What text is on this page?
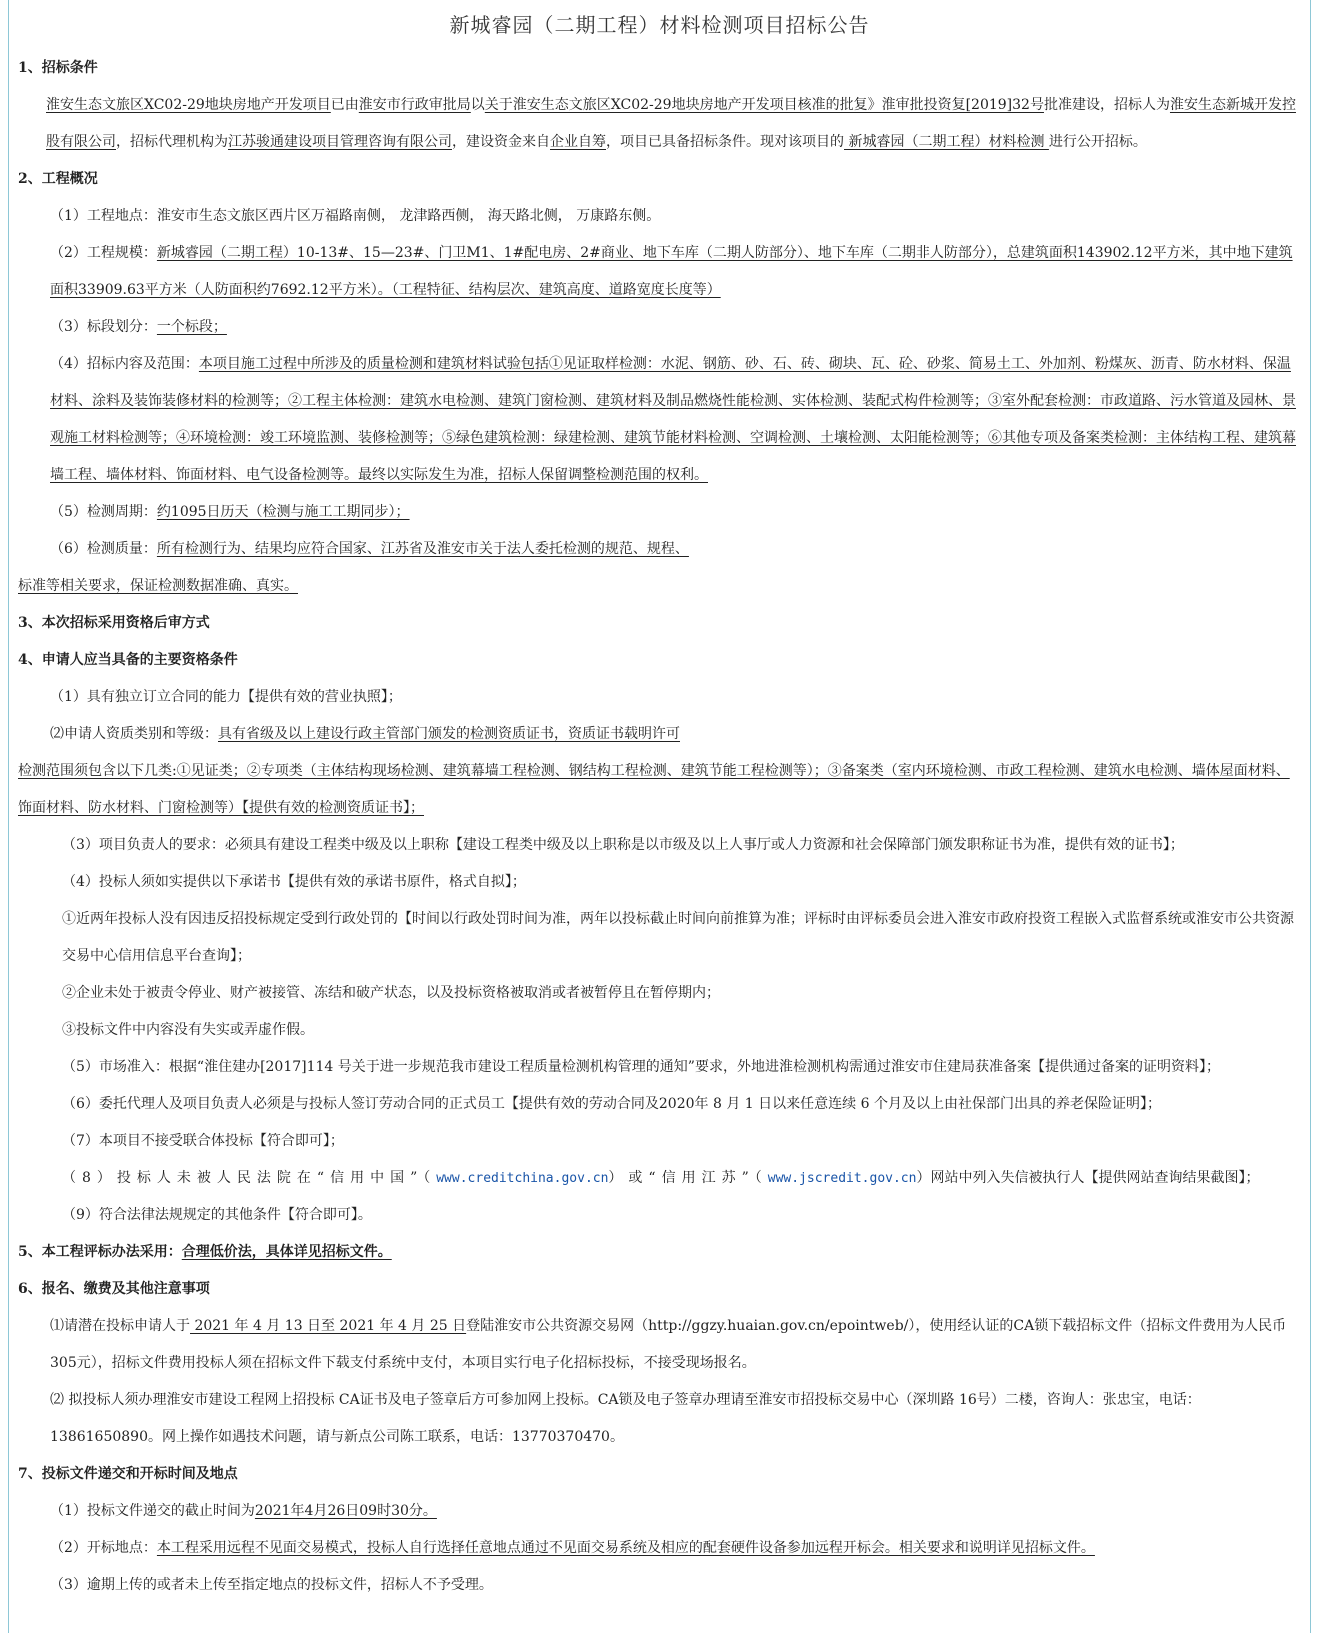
新城睿园（二期工程）材料检测项目招标公告

1、招标条件

淮安生态文旅区XC02-29地块房地产开发项目已由淮安市行政审批局以关于淮安生态文旅区XC02-29地块房地产开发项目核准的批复》淮审批投资复[2019]32号批准建设，招标人为淮安生态新城开发控股有限公司，招标代理机构为江苏骏通建设项目管理咨询有限公司，建设资金来自企业自筹，项目已具备招标条件。现对该项目的 新城睿园（二期工程）材料检测 进行公开招标。

2、工程概况

（1）工程地点：淮安市生态文旅区西片区万福路南侧， 龙津路西侧， 海天路北侧， 万康路东侧。

（2）工程规模：新城睿园（二期工程）10-13#、15—23#、门卫M1、1#配电房、2#商业、地下车库（二期人防部分）、地下车库（二期非人防部分），总建筑面积143902.12平方米，其中地下建筑面积33909.63平方米（人防面积约7692.12平方米）。（工程特征、结构层次、建筑高度、道路宽度长度等）

（3）标段划分：一个标段；

（4）招标内容及范围：本项目施工过程中所涉及的质量检测和建筑材料试验包括①见证取样检测：水泥、钢筋、砂、石、砖、砌块、瓦、砼、砂浆、简易土工、外加剂、粉煤灰、沥青、防水材料、保温材料、涂料及装饰装修材料的检测等；②工程主体检测：建筑水电检测、建筑门窗检测、建筑材料及制品燃烧性能检测、实体检测、装配式构件检测等；③室外配套检测：市政道路、污水管道及园林、景观施工材料检测等；④环境检测：竣工环境监测、装修检测等；⑤绿色建筑检测：绿建检测、建筑节能材料检测、空调检测、土壤检测、太阳能检测等；⑥其他专项及备案类检测：主体结构工程、建筑幕墙工程、墙体材料、饰面材料、电气设备检测等。最终以实际发生为准，招标人保留调整检测范围的权利。

（5）检测周期：约1095日历天（检测与施工工期同步）；

（6）检测质量：所有检测行为、结果均应符合国家、江苏省及淮安市关于法人委托检测的规范、规程、

标准等相关要求，保证检测数据准确、真实。

3、本次招标采用资格后审方式

4、申请人应当具备的主要资格条件

（1）具有独立订立合同的能力【提供有效的营业执照】；

⑵申请人资质类别和等级：具有省级及以上建设行政主管部门颁发的检测资质证书，资质证书载明许可

检测范围须包含以下几类:①见证类；②专项类（主体结构现场检测、建筑幕墙工程检测、钢结构工程检测、建筑节能工程检测等）；③备案类（室内环境检测、市政工程检测、建筑水电检测、墙体屋面材料、饰面材料、防水材料、门窗检测等）【提供有效的检测资质证书】；

（3）项目负责人的要求：必须具有建设工程类中级及以上职称【建设工程类中级及以上职称是以市级及以上人事厅或人力资源和社会保障部门颁发职称证书为准，提供有效的证书】；

（4）投标人须如实提供以下承诺书【提供有效的承诺书原件，格式自拟】；

①近两年投标人没有因违反招投标规定受到行政处罚的【时间以行政处罚时间为准，两年以投标截止时间向前推算为准；评标时由评标委员会进入淮安市政府投资工程嵌入式监督系统或淮安市公共资源交易中心信用信息平台查询】；

②企业未处于被责令停业、财产被接管、冻结和破产状态，以及投标资格被取消或者被暂停且在暂停期内；

③投标文件中内容没有失实或弄虚作假。

（5）市场准入：根据“淮住建办[2017]114 号关于进一步规范我市建设工程质量检测机构管理的通知”要求，外地进淮检测机构需通过淮安市住建局获准备案【提供通过备案的证明资料】；

（6）委托代理人及项目负责人必须是与投标人签订劳动合同的正式员工【提供有效的劳动合同及2020年 8 月 1 日以来任意连续 6 个月及以上由社保部门出具的养老保险证明】；

（7）本项目不接受联合体投标【符合即可】；

（8）投标人未被人民法院在“信用中国”（www.creditchina.gov.cn）或“信用江苏”（www.jscredit.gov.cn）网站中列入失信被执行人【提供网站查询结果截图】；

（9）符合法律法规规定的其他条件【符合即可】。

5、本工程评标办法采用：合理低价法，具体详见招标文件。

6、报名、缴费及其他注意事项

⑴请潜在投标申请人于 2021 年 4 月 13 日至 2021 年 4 月 25 日登陆淮安市公共资源交易网（http://ggzy.huaian.gov.cn/epointweb/），使用经认证的CA锁下载招标文件（招标文件费用为人民币305元），招标文件费用投标人须在招标文件下载支付系统中支付，本项目实行电子化招标投标，不接受现场报名。

⑵ 拟投标人须办理淮安市建设工程网上招投标 CA证书及电子签章后方可参加网上投标。CA锁及电子签章办理请至淮安市招投标交易中心（深圳路 16号）二楼，咨询人：张忠宝，电话：13861650890。网上操作如遇技术问题，请与新点公司陈工联系，电话：13770370470。

7、投标文件递交和开标时间及地点

（1）投标文件递交的截止时间为2021年4月26日09时30分。

（2）开标地点：本工程采用远程不见面交易模式，投标人自行选择任意地点通过不见面交易系统及相应的配套硬件设备参加远程开标会。相关要求和说明详见招标文件。

（3）逾期上传的或者未上传至指定地点的投标文件，招标人不予受理。
